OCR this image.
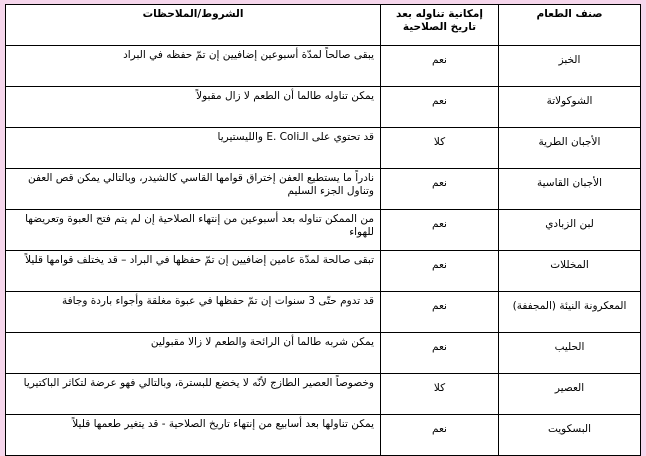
صنف الطعام	إمكانية تناوله بعد تاريخ الصلاحية	الشروط/الملاحظات
الخبز	نعم	يبقى صالحاً لمدّة أسبوعين إضافيين إن تمّ حفظه في البراد
الشوكولاتة	نعم	يمكن تناوله طالما أن الطعم لا زال مقبولاً
الأجبان الطرية	كلا	قد تحتوي على الـE. Coli والليستيريا
الأجبان القاسية	نعم	نادراً ما يستطيع العفن إختراق قوامها القاسي كالشيدر، وبالتالي يمكن قص العفن وتناول الجزء السليم
لبن الزبادي	نعم	من الممكن تناوله بعد أسبوعين من إنتهاء الصلاحية إن لم يتم فتح العبوة وتعريضها للهواء
المخللات	نعم	تبقى صالحة لمدّة عامين إضافيين إن تمّ حفظها في البراد – قد يختلف قوامها قليلاً
المعكرونة النيئة (المجففة)	نعم	قد تدوم حتّى 3 سنوات إن تمّ حفظها في عبوة مغلقة وأجواء باردة وجافة
الحليب	نعم	يمكن شربه طالما أن الرائحة والطعم لا زالا مقبولين
العصير	كلا	وخصوصاً العصير الطازج لأنّه لا يخضع للبسترة، وبالتالي فهو عرضة لتكاثر الباكتيريا
البسكويت	نعم	يمكن تناولها بعد أسابيع من إنتهاء تاريخ الصلاحية - قد يتغير طعمها قليلاً
